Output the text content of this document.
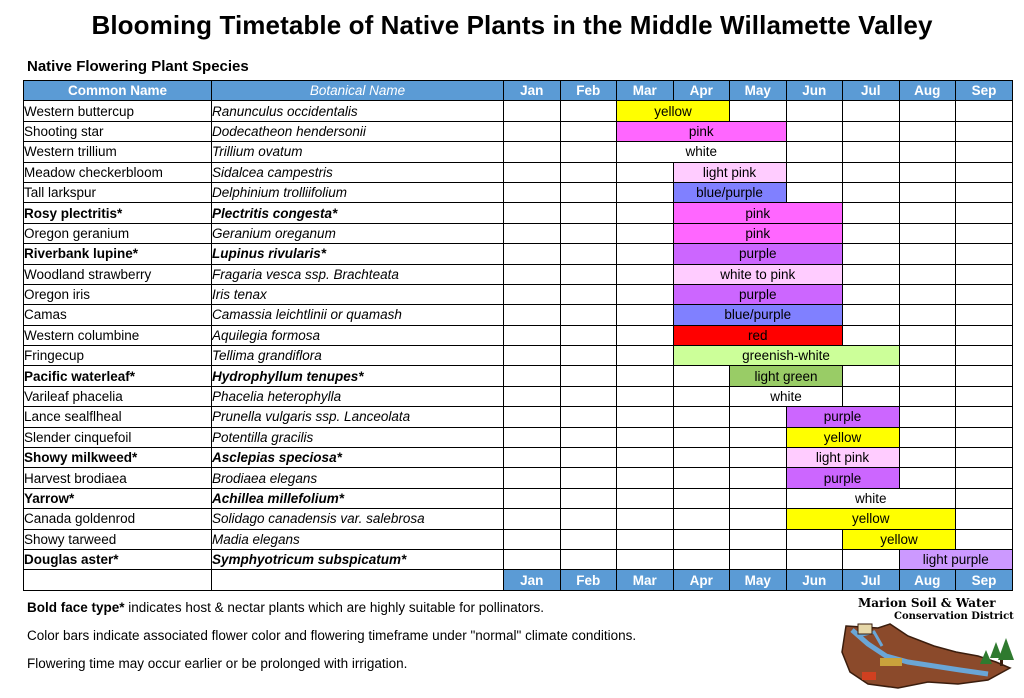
Blooming Timetable of Native Plants in the Middle Willamette Valley
Native Flowering Plant Species
Common Name	Botanical Name	Jan	Feb	Mar	Apr	May	Jun	Jul	Aug	Sep
Western buttercup	Ranunculus occidentalis			yellow						
Shooting star	Dodecatheon hendersonii			pink						
Western trillium	Trillium ovatum			white						
Meadow checkerbloom	Sidalcea campestris				light pink					
Tall larkspur	Delphinium trolliifolium				blue/purple					
Rosy plectritis*	Plectritis congesta*				pink					
Oregon geranium	Geranium oreganum				pink					
Riverbank lupine*	Lupinus rivularis*				purple					
Woodland strawberry	Fragaria vesca ssp. Brachteata				white to pink					
Oregon iris	Iris tenax				purple					
Camas	Camassia leichtlinii or quamash				blue/purple					
Western columbine	Aquilegia formosa				red					
Fringecup	Tellima grandiflora				greenish-white					
Pacific waterleaf*	Hydrophyllum tenupes*					light green				
Varileaf phacelia	Phacelia heterophylla					white				
Lance sealﬂheal	Prunella vulgaris ssp. Lanceolata						purple			
Slender cinquefoil	Potentilla gracilis						yellow			
Showy milkweed*	Asclepias speciosa*						light pink			
Harvest brodiaea	Brodiaea elegans						purple			
Yarrow*	Achillea millefolium*						white			
Canada goldenrod	Solidago canadensis var. salebrosa						yellow			
Showy tarweed	Madia elegans							yellow		
Douglas aster*	Symphyotricum subspicatum*								light purple	
		Jan	Feb	Mar	Apr	May	Jun	Jul	Aug	Sep
Bold face type* indicates host & nectar plants which are highly suitable for pollinators.
Color bars indicate associated flower color and flowering timeframe under "normal" climate conditions.
Flowering time may occur earlier or be prolonged with irrigation.
Marion Soil & Water
Conservation District
